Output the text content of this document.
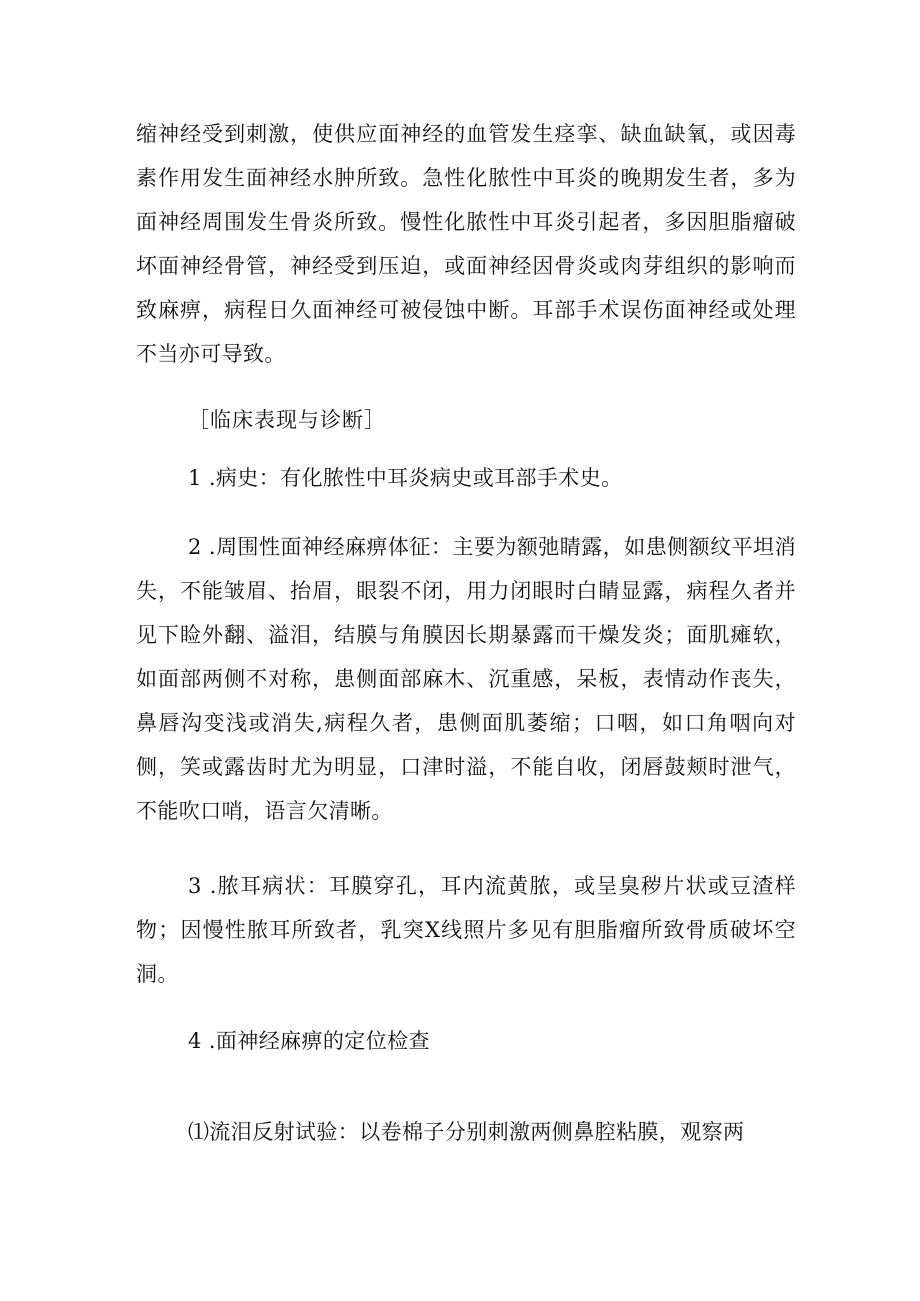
缩神经受到刺激，使供应面神经的血管发生痉挛、缺血缺氧，或因毒素作用发生面神经水肿所致。急性化脓性中耳炎的晚期发生者，多为面神经周围发生骨炎所致。慢性化脓性中耳炎引起者，多因胆脂瘤破坏面神经骨管，神经受到压迫，或面神经因骨炎或肉芽组织的影响而致麻痹，病程日久面神经可被侵蚀中断。耳部手术误伤面神经或处理不当亦可导致。

［临床表现与诊断］

1 .病史：有化脓性中耳炎病史或耳部手术史。

2 .周围性面神经麻痹体征：主要为额弛睛露，如患侧额纹平坦消失，不能皱眉、抬眉，眼裂不闭，用力闭眼时白睛显露，病程久者并见下睑外翻、溢泪，结膜与角膜因长期暴露而干燥发炎；面肌瘫软，如面部两侧不对称，患侧面部麻木、沉重感，呆板，表情动作丧失，鼻唇沟变浅或消失,病程久者，患侧面肌萎缩；口咽，如口角咽向对侧，笑或露齿时尤为明显，口津时溢，不能自收，闭唇鼓颊时泄气，不能吹口哨，语言欠清晰。

3 .脓耳病状：耳膜穿孔，耳内流黄脓，或呈臭秽片状或豆渣样物；因慢性脓耳所致者，乳突X线照片多见有胆脂瘤所致骨质破坏空洞。

4 .面神经麻痹的定位检查

⑴流泪反射试验：以卷棉子分别刺激两侧鼻腔粘膜，观察两
